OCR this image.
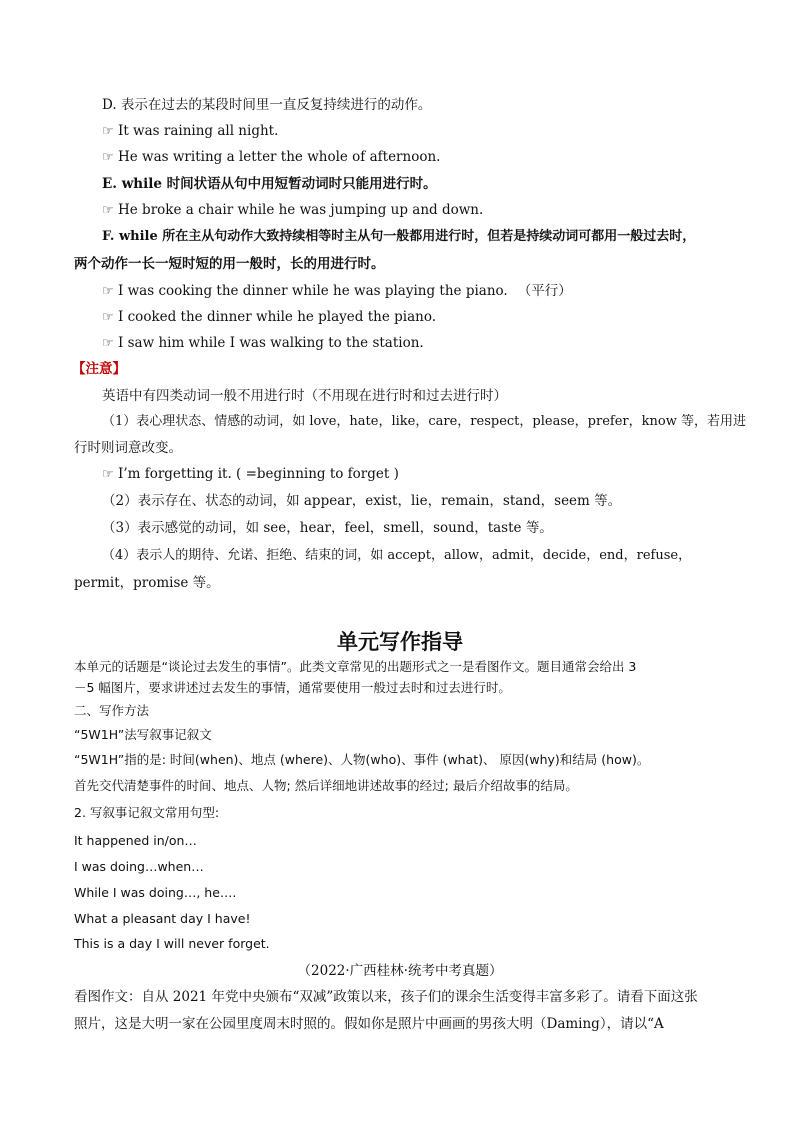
D. 表示在过去的某段时间里一直反复持续进行的动作。
☞ It was raining all night.
☞ He was writing a letter the whole of afternoon.
E. while 时间状语从句中用短暂动词时只能用进行时。
☞ He broke a chair while he was jumping up and down.
F. while 所在主从句动作大致持续相等时主从句一般都用进行时，但若是持续动词可都用一般过去时，
两个动作一长一短时短的用一般时，长的用进行时。
☞ I was cooking the dinner while he was playing the piano. （平行）
☞ I cooked the dinner while he played the piano.
☞ I saw him while I was walking to the station.
【注意】
英语中有四类动词一般不用进行时（不用现在进行时和过去进行时）
（1）表心理状态、情感的动词，如 love，hate，like，care，respect，please，prefer，know 等，若用进
行时则词意改变。
☞ I’m forgetting it. ( =beginning to forget )
（2）表示存在、状态的动词，如 appear，exist，lie，remain，stand，seem 等。
（3）表示感觉的动词，如 see，hear，feel，smell，sound，taste 等。
（4）表示人的期待、允诺、拒绝、结束的词，如 accept，allow，admit，decide，end，refuse，
permit，promise 等。
单元写作指导
本单元的话题是“谈论过去发生的事情”。此类文章常见的出题形式之一是看图作文。题目通常会给出 3
－5 幅图片，要求讲述过去发生的事情，通常要使用一般过去时和过去进行时。
二、写作方法
“5W1H”法写叙事记叙文
“5W1H”指的是: 时间(when)、地点 (where)、人物(who)、事件 (what)、 原因(why)和结局 (how)。
首先交代清楚事件的时间、地点、人物; 然后详细地讲述故事的经过; 最后介绍故事的结局。
2. 写叙事记叙文常用句型:
It happened in/on…
I was doing…when…
While I was doing…, he….
What a pleasant day I have!
This is a day I will never forget.
（2022·广西桂林·统考中考真题）
看图作文：自从 2021 年党中央颁布“双减”政策以来，孩子们的课余生活变得丰富多彩了。请看下面这张
照片，这是大明一家在公园里度周末时照的。假如你是照片中画画的男孩大明（Daming），请以“A
